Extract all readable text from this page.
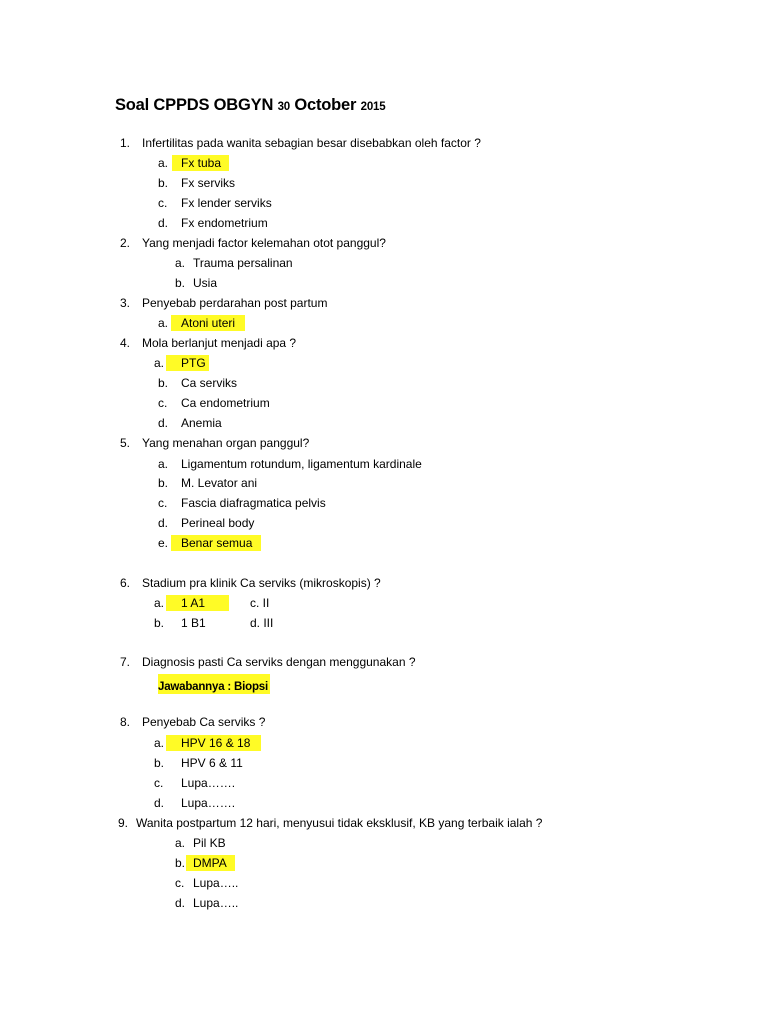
Soal CPPDS OBGYN 30 October 2015
1. Infertilitas pada wanita sebagian besar disebabkan oleh factor ?
a.	Fx tuba
b. Fx serviks
c. Fx lender serviks
d. Fx endometrium
2. Yang menjadi factor kelemahan otot panggul?
a. Trauma persalinan
b. Usia
3. Penyebab perdarahan post partum
a.	Atoni uteri
4. Mola berlanjut menjadi apa ?
a.	PTG
b. Ca serviks
c. Ca endometrium
d. Anemia
5. Yang menahan organ panggul?
a. Ligamentum rotundum, ligamentum kardinale
b. M. Levator ani
c. Fascia diafragmatica pelvis
d. Perineal body
e.	Benar semua
6. Stadium pra klinik Ca serviks (mikroskopis) ?
a.	1 A1	c. II
b. 1 B1	d. III
7. Diagnosis pasti Ca serviks dengan menggunakan ?
Jawabannya : Biopsi
8. Penyebab Ca serviks ?
a.	HPV 16 & 18
b. HPV 6 & 11
c. Lupa…….
d. Lupa…….
9. Wanita postpartum 12 hari, menyusui tidak eksklusif, KB yang terbaik ialah ?
a. Pil KB
b. DMPA
c. Lupa…..
d. Lupa…..
